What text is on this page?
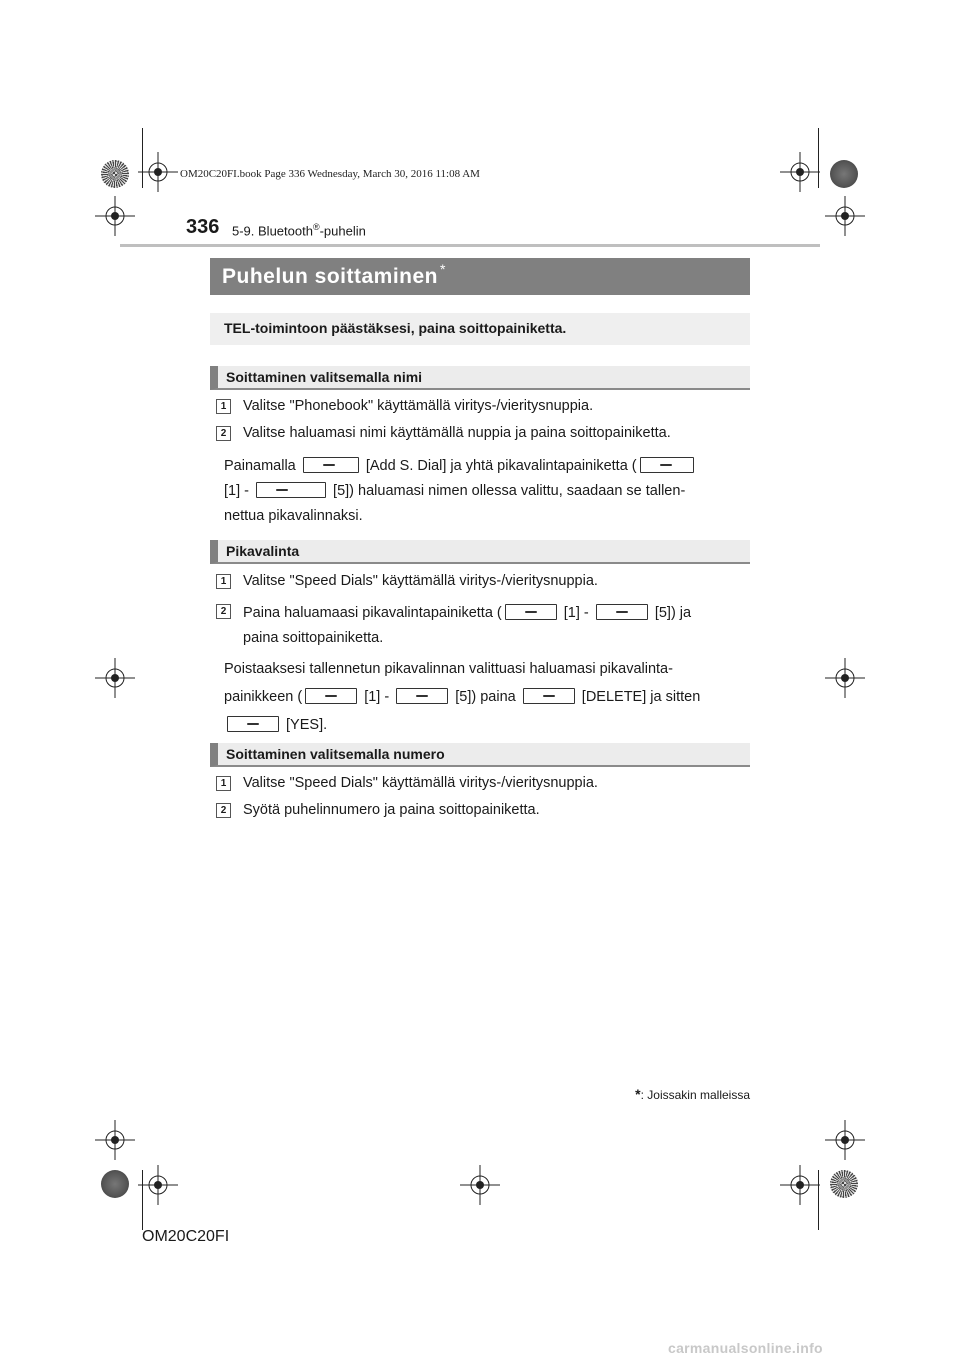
OM20C20FI.book Page 336 Wednesday, March 30, 2016 11:08 AM
336 5-9. Bluetooth®-puhelin
Puhelun soittaminen *
TEL-toimintoon päästäksesi, paina soittopainiketta.
Soittaminen valitsemalla nimi
1	Valitse "Phonebook" käyttämällä viritys-/vieritysnuppia.
2	Valitse haluamasi nimi käyttämällä nuppia ja paina soittopainiketta.
Painamalla	[Add S. Dial] ja yhtä pikavalintapainiketta (
[1] -	[5]) haluamasi nimen ollessa valittu, saadaan se tallen-
nettua pikavalinnaksi.
Pikavalinta
1	Valitse "Speed Dials" käyttämällä viritys-/vieritysnuppia.
2	Paina haluamaasi pikavalintapainiketta (	[1] -	[5]) ja
paina soittopainiketta.
Poistaaksesi tallennetun pikavalinnan valittuasi haluamasi pikavalinta-
painikkeen (	[1] -	[5]) paina	[DELETE] ja sitten
[YES].
Soittaminen valitsemalla numero
1	Valitse "Speed Dials" käyttämällä viritys-/vieritysnuppia.
2	Syötä puhelinnumero ja paina soittopainiketta.
*: Joissakin malleissa
OM20C20FI
carmanualsonline.info
